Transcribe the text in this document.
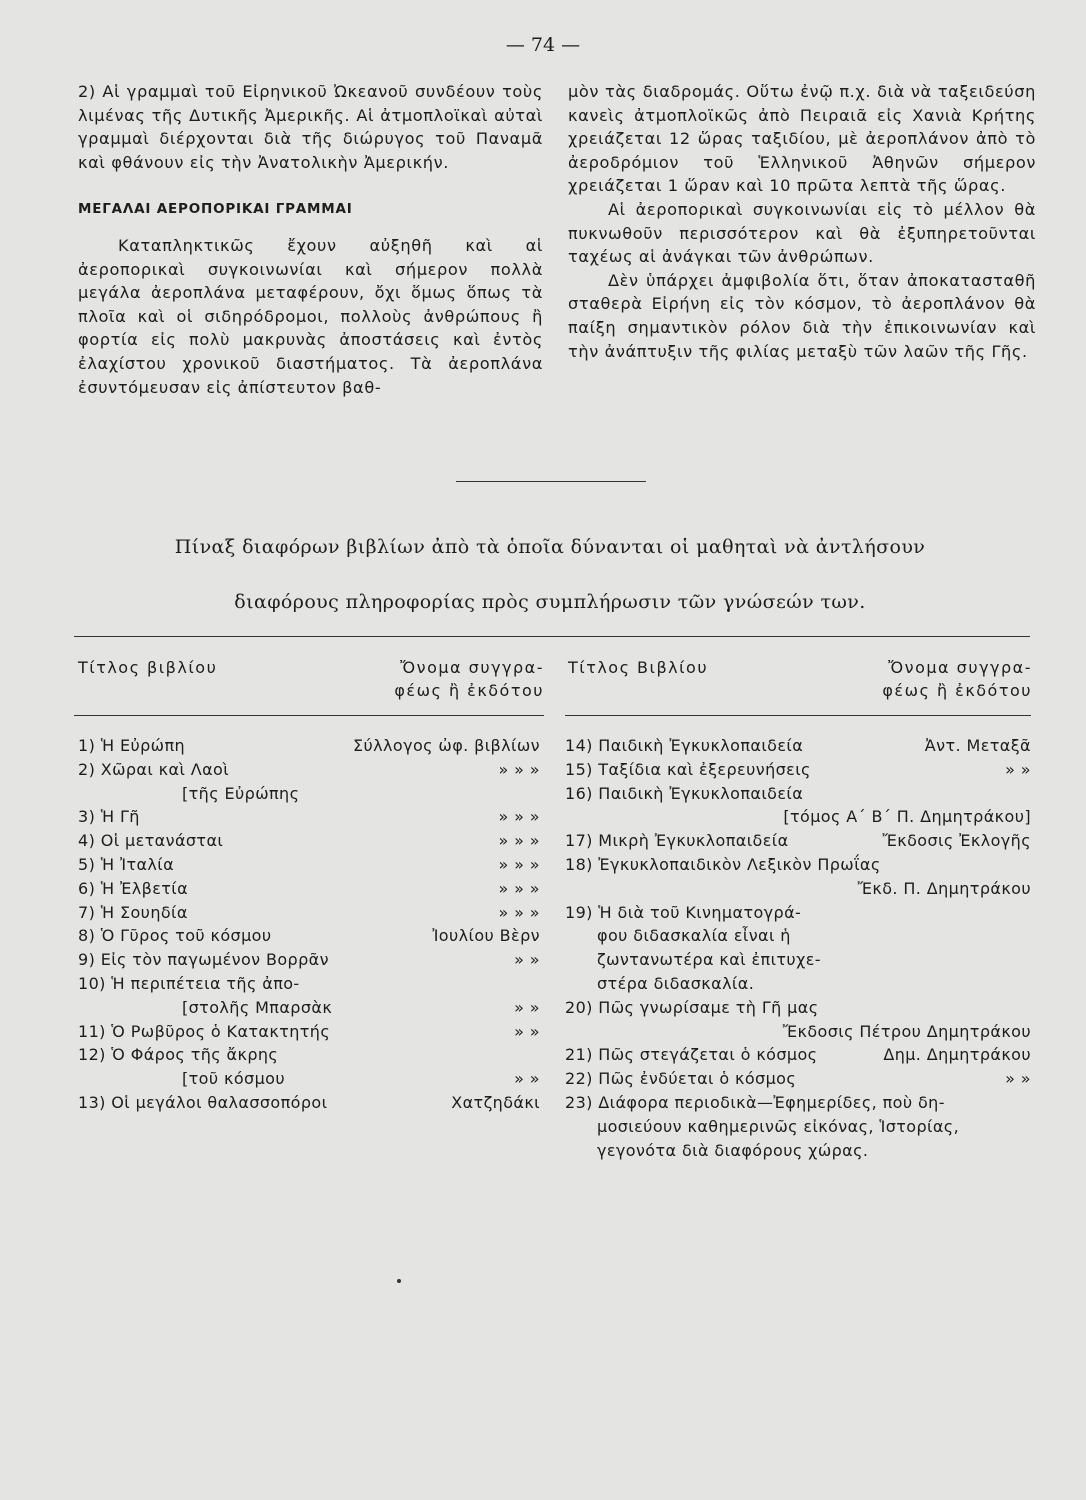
— 74 —

2) Αἱ γραμμαὶ τοῦ Εἰρηνικοῦ Ὠκεανοῦ συνδέουν τοὺς λιμένας τῆς Δυτικῆς Ἀμερικῆς. Αἱ ἀτμοπλοϊκαὶ αὐταὶ γραμμαὶ διέρχονται διὰ τῆς διώρυγος τοῦ Παναμᾶ καὶ φθάνουν εἰς τὴν Ἀνατολικὴν Ἀμερικήν.

ΜΕΓΑΛΑΙ ΑΕΡΟΠΟΡΙΚΑΙ ΓΡΑΜΜΑΙ

Καταπληκτικῶς ἔχουν αὐξηθῆ καὶ αἱ ἀεροπορικαὶ συγκοινωνίαι καὶ σήμερον πολλὰ μεγάλα ἀεροπλάνα μεταφέρουν, ὄχι ὅμως ὅπως τὰ πλοῖα καὶ οἱ σιδηρόδρομοι, πολλοὺς ἀνθρώπους ἢ φορτία εἰς πολὺ μακρυνὰς ἀποστάσεις καὶ ἐντὸς ἐλαχίστου χρονικοῦ διαστήματος. Τὰ ἀεροπλάνα ἐσυντόμευσαν εἰς ἀπίστευτον βαθ-

μὸν τὰς διαδρομάς. Οὕτω ἐνῷ π.χ. διὰ νὰ ταξειδεύση κανεὶς ἀτμοπλοϊκῶς ἀπὸ Πειραιᾶ εἰς Χανιὰ Κρήτης χρειάζεται 12 ὥρας ταξιδίου, μὲ ἀεροπλάνον ἀπὸ τὸ ἀεροδρόμιον τοῦ Ἑλληνικοῦ Ἀθηνῶν σήμερον χρειάζεται 1 ὥραν καὶ 10 πρῶτα λεπτὰ τῆς ὥρας.

Αἱ ἀεροπορικαὶ συγκοινωνίαι εἰς τὸ μέλλον θὰ πυκνωθοῦν περισσότερον καὶ θὰ ἐξυπηρετοῦνται ταχέως αἱ ἀνάγκαι τῶν ἀνθρώπων.

Δὲν ὑπάρχει ἀμφιβολία ὅτι, ὅταν ἀποκατασταθῆ σταθερὰ Εἰρήνη εἰς τὸν κόσμον, τὸ ἀεροπλάνον θὰ παίξη σημαντικὸν ρόλον διὰ τὴν ἐπικοινωνίαν καὶ τὴν ἀνάπτυξιν τῆς φιλίας μεταξὺ τῶν λαῶν τῆς Γῆς.

Πίναξ διαφόρων βιβλίων ἀπὸ τὰ ὁποῖα δύνανται οἱ μαθηταὶ νὰ ἀντλήσουν
διαφόρους πληροφορίας πρὸς συμπλήρωσιν τῶν γνώσεών των.
Τίτλος βιβλίου	Ὄνομα συγγρα-
φέως ἢ ἐκδότου
Τίτλος Βιβλίου	Ὄνομα συγγρα-
φέως ἢ ἐκδότου
1) Ἡ Εὐρώπη	Σύλλογος ὠφ. βιβλίων
2) Χῶραι καὶ Λαοὶ	» » »
[τῆς Εὐρώπης
3) Ἡ Γῆ	» » »
4) Οἱ μετανάσται	» » »
5) Ἡ Ἰταλία	» » »
6) Ἡ Ἐλβετία	» » »
7) Ἡ Σουηδία	» » »
8) Ὁ Γῦρος τοῦ κόσμου	Ἰουλίου Βὲρν
9) Εἰς τὸν παγωμένον Βορρᾶν	» »
10) Ἡ περιπέτεια τῆς ἀπο-
[στολῆς Μπαρσὰκ	» »
11) Ὁ Ρωβῦρος ὁ Κατακτητής	» »
12) Ὁ Φάρος τῆς ἄκρης
[τοῦ κόσμου	» »
13) Οἱ μεγάλοι θαλασσοπόροι	Χατζηδάκι
14) Παιδικὴ Ἐγκυκλοπαιδεία	Ἀντ. Μεταξᾶ
15) Ταξίδια καὶ ἐξερευνήσεις	» »
16) Παιδικὴ Ἐγκυκλοπαιδεία
[τόμος Α΄ Β΄ Π. Δημητράκου]
17) Μικρὴ Ἐγκυκλοπαιδεία	Ἔκδοσις Ἐκλογῆς
18) Ἐγκυκλοπαιδικὸν Λεξικὸν Πρωΐας
Ἔκδ. Π. Δημητράκου
19) Ἡ διὰ τοῦ Κινηματογρά-
φου διδασκαλία εἶναι ἡ
ζωντανωτέρα καὶ ἐπιτυχε-
στέρα διδασκαλία.
20) Πῶς γνωρίσαμε τὴ Γῆ μας
Ἔκδοσις Πέτρου Δημητράκου
21) Πῶς στεγάζεται ὁ κόσμος	Δημ. Δημητράκου
22) Πῶς ἐνδύεται ὁ κόσμος	» »
23) Διάφορα περιοδικὰ—Ἐφημερίδες, ποὺ δη-
μοσιεύουν καθημερινῶς εἰκόνας, Ἱστορίας,
γεγονότα διὰ διαφόρους χώρας.
